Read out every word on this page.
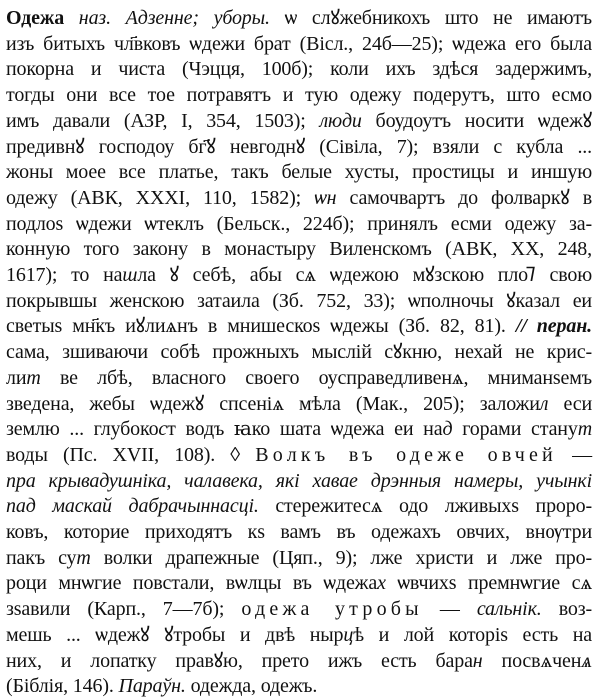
Одежа наз. Адзенне; уборы. ѡ слꙋжебникохъ што не имаютъ
изъ битыхъ чл҃вковъ ѡдежи брат (Вісл., 24б—25); ѡдежа его была
покорна и чиста (Чэцця, 100б); коли ихъ здѣся задержимъ,
тогды они все тое потравятъ и тую одежу подерутъ, што есмо
имъ давали (АЗР, І, 354, 1503); люди боудоутъ носити ѡдежꙋ
предивнꙋ господоу бг҃ꙋ невгоднꙋ (Сівіла, 7); взяли с кубла ...
жоны моее все платье, такъ белые хусты, простицы и иншую
одежу (АВК, ХХХІ, 110, 1582); ѡн самочвартъ до фолваркꙋ в
подлоѕ ѡдежи ѡтеклъ (Бельск., 224б); принялъ есми одежу за-
конную того закону в монастыру Виленскомъ (АВК, ХХ, 248,
1617); то нашла ꙋ себѣ, абы сѧ ѡдежою мꙋзскою плоᲄ свою
покрывшы женскою затаила (Зб. 752, 33); ѡполночы ꙋказал еи
светыѕ мн҃къ иꙋлиѧнъ в мнишескоѕ ѡдежы (Зб. 82, 81). // перан.
сама, зшиваючи собѣ прожныхъ мыслій сꙋкню, нехай не криc-
лит ве лбѣ, власного своего оусправедливенѧ, мниманѕемъ
зведена, жебы ѡдежꙋ спсеніѧ мѣла (Мак., 205); заложил еси
землю ... глубокост водъ ꙗко шата ѡдежа еи над горами станут
воды (Пс. XVII, 108). ◊ Волкъ въ одеже овчей —
пра крывадушніка, чалавека, які хавае дрэнныя намеры, учынкі
пад маскай дабрачыннасці. стережитесѧ одо лживыхѕ проро-
ковъ, которие приходятъ кѕ вамъ въ одежахъ овчих, внѹтри
пакъ сут волки драпежные (Цяп., 9); лже христи и лже про-
роци мнѡгие повстали, вѡлцы въ ѡдежах ѡвчихѕ премнѡгие сѧ
зѕавили (Карп., 7—7б); одежа утробы — сальнік. воз-
мешь ... ѡдежꙋ ꙋтробы и двѣ нырцѣ и лой которіѕ есть на
них, и лопатку правꙋю, прето ижъ есть баран посвѧченѧ
(Біблія, 146). Параўн. одежда, одежъ.
